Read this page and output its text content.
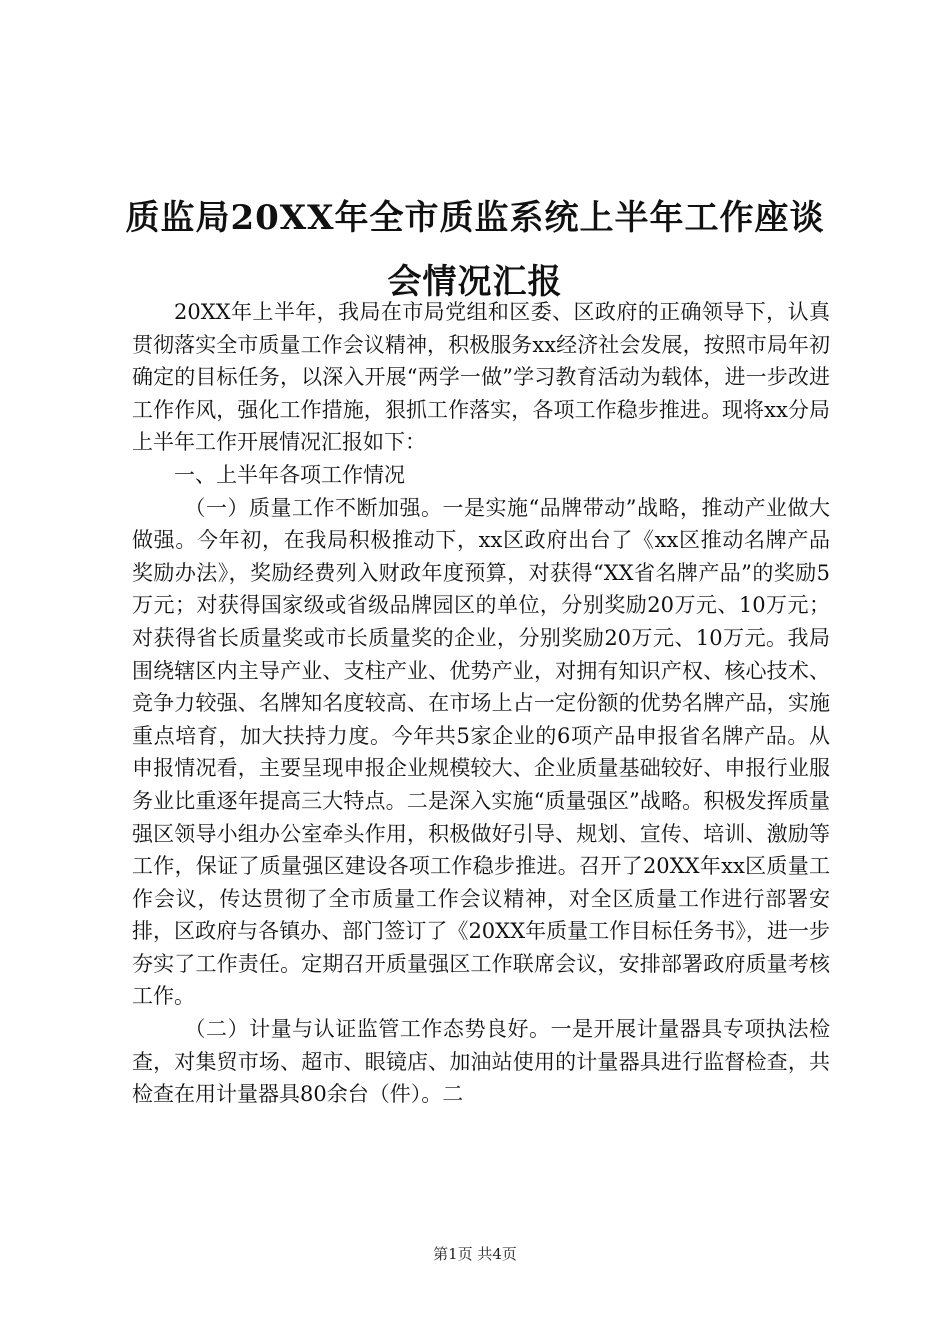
质监局20XX年全市质监系统上半年工作座谈
会情况汇报

20XX年上半年，我局在市局党组和区委、区政府的正确领导下，认真贯彻落实全市质量工作会议精神，积极服务xx经济社会发展，按照市局年初确定的目标任务，以深入开展“两学一做”学习教育活动为载体，进一步改进工作作风，强化工作措施，狠抓工作落实，各项工作稳步推进。现将xx分局上半年工作开展情况汇报如下：

一、上半年各项工作情况

（一）质量工作不断加强。一是实施“品牌带动”战略，推动产业做大做强。今年初，在我局积极推动下，xx区政府出台了《xx区推动名牌产品奖励办法》，奖励经费列入财政年度预算，对获得“XX省名牌产品”的奖励5万元；对获得国家级或省级品牌园区的单位，分别奖励20万元、10万元；对获得省长质量奖或市长质量奖的企业，分别奖励20万元、10万元。我局围绕辖区内主导产业、支柱产业、优势产业，对拥有知识产权、核心技术、竞争力较强、名牌知名度较高、在市场上占一定份额的优势名牌产品，实施重点培育，加大扶持力度。今年共5家企业的6项产品申报省名牌产品。从申报情况看，主要呈现申报企业规模较大、企业质量基础较好、申报行业服务业比重逐年提高三大特点。二是深入实施“质量强区”战略。积极发挥质量强区领导小组办公室牵头作用，积极做好引导、规划、宣传、培训、激励等工作，保证了质量强区建设各项工作稳步推进。召开了20XX年xx区质量工作会议，传达贯彻了全市质量工作会议精神，对全区质量工作进行部署安排，区政府与各镇办、部门签订了《20XX年质量工作目标任务书》，进一步夯实了工作责任。定期召开质量强区工作联席会议，安排部署政府质量考核工作。

（二）计量与认证监管工作态势良好。一是开展计量器具专项执法检查，对集贸市场、超市、眼镜店、加油站使用的计量器具进行监督检查，共检查在用计量器具80余台（件）。二

第1页 共4页
